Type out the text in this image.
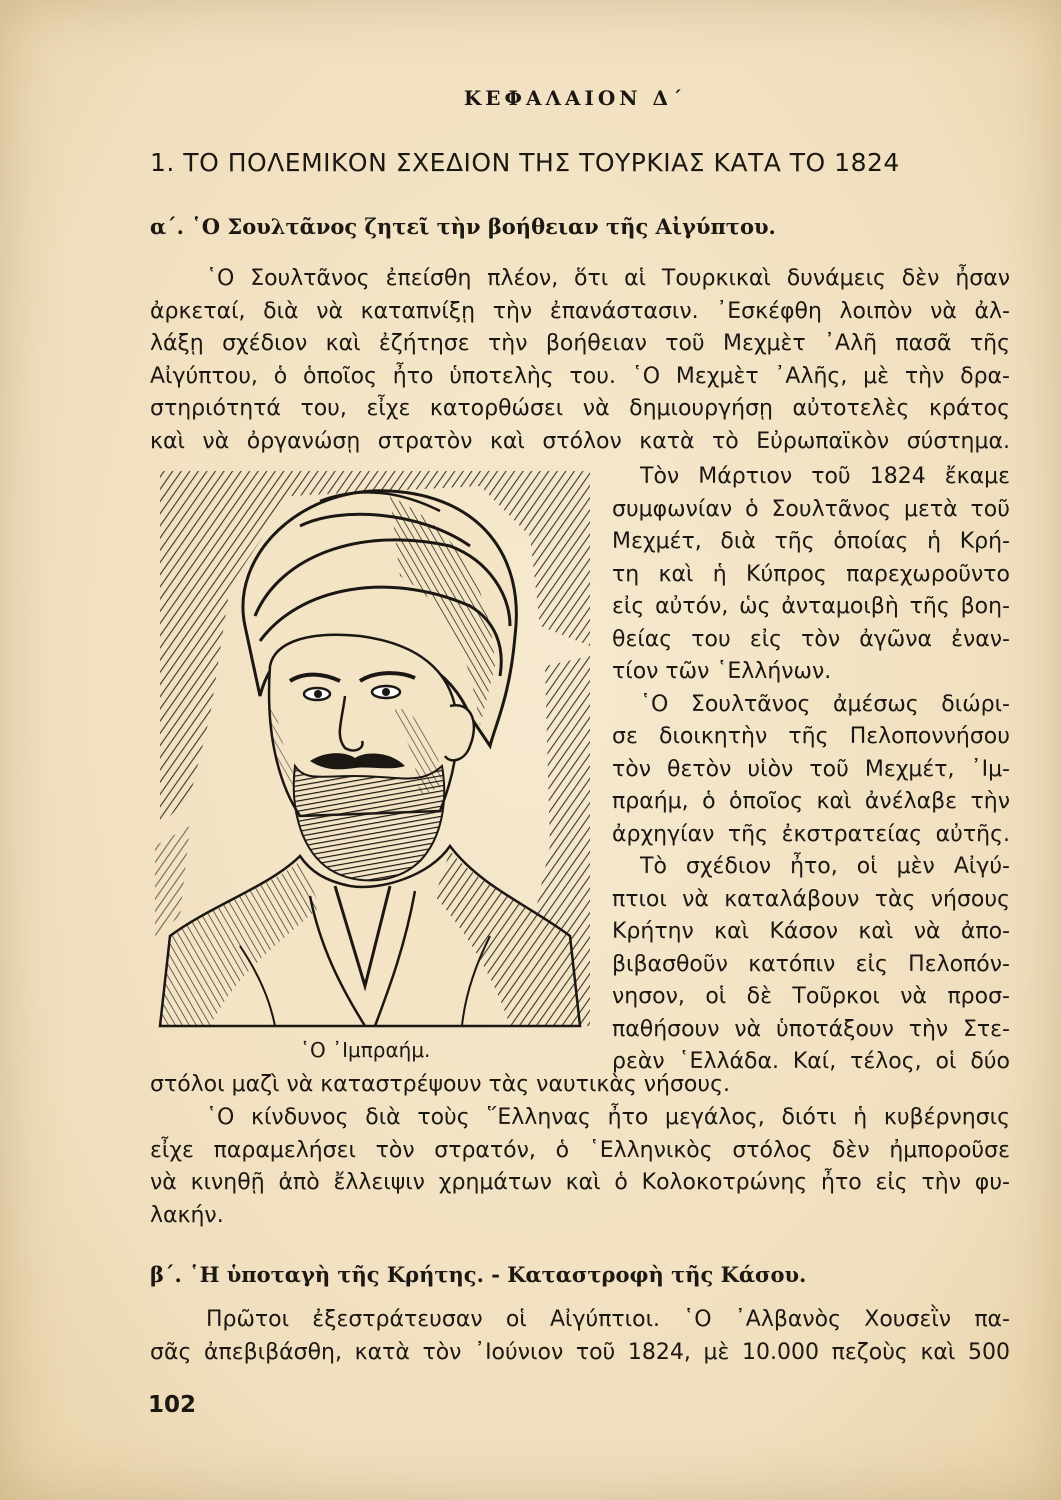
ΚΕΦΑΛΑΙΟΝ Δ΄
1. ΤΟ ΠΟΛΕΜΙΚΟΝ ΣΧΕΔΙΟΝ ΤΗΣ ΤΟΥΡΚΙΑΣ ΚΑΤΑ ΤΟ 1824
α΄. ῾Ο Σουλτᾶνος ζητεῖ τὴν βοήθειαν τῆς Αἰγύπτου.
῾Ο Σουλτᾶνος ἐπείσθη πλέον, ὅτι αἱ Τουρκικαὶ δυνάμεις δὲν ἦσαν
ἀρκεταί, διὰ νὰ καταπνίξῃ τὴν ἐπανάστασιν. ᾿Εσκέφθη λοιπὸν νὰ ἀλ-
λάξῃ σχέδιον καὶ ἐζήτησε τὴν βοήθειαν τοῦ Μεχμὲτ ᾿Αλῆ πασᾶ τῆς
Αἰγύπτου, ὁ ὁποῖος ἦτο ὑποτελὴς του. ῾Ο Μεχμὲτ ᾿Αλῆς, μὲ τὴν δρα-
στηριότητά του, εἶχε κατορθώσει νὰ δημιουργήσῃ αὐτοτελὲς κράτος
καὶ νὰ ὀργανώσῃ στρατὸν καὶ στόλον κατὰ τὸ Εὐρωπαϊκὸν σύστημα.
῾Ο ᾿Ιμπραήμ.
Τὸν Μάρτιον τοῦ 1824 ἔκαμε
συμφωνίαν ὁ Σουλτᾶνος μετὰ τοῦ
Μεχμέτ, διὰ τῆς ὁποίας ἡ Κρή-
τη καὶ ἡ Κύπρος παρεχωροῦντο
εἰς αὐτόν, ὡς ἀνταμοιβὴ τῆς βοη-
θείας του εἰς τὸν ἀγῶνα ἐναν-
τίον τῶν ῾Ελλήνων.
῾Ο Σουλτᾶνος ἀμέσως διώρι-
σε διοικητὴν τῆς Πελοποννήσου
τὸν θετὸν υἱὸν τοῦ Μεχμέτ, ᾿Ιμ-
πραήμ, ὁ ὁποῖος καὶ ἀνέλαβε τὴν
ἀρχηγίαν τῆς ἐκστρατείας αὐτῆς.
Τὸ σχέδιον ἦτο, οἱ μὲν Αἰγύ-
πτιοι νὰ καταλάβουν τὰς νήσους
Κρήτην καὶ Κάσον καὶ νὰ ἀπο-
βιβασθοῦν κατόπιν εἰς Πελοπόν-
νησον, οἱ δὲ Τοῦρκοι νὰ προσ-
παθήσουν νὰ ὑποτάξουν τὴν Στε-
ρεὰν ῾Ελλάδα. Καί, τέλος, οἱ δύο
στόλοι μαζὶ νὰ καταστρέψουν τὰς ναυτικὰς νήσους.
῾Ο κίνδυνος διὰ τοὺς ῞Ελληνας ἦτο μεγάλος, διότι ἡ κυβέρνησις
εἶχε παραμελήσει τὸν στρατόν, ὁ ῾Ελληνικὸς στόλος δὲν ἠμποροῦσε
νὰ κινηθῇ ἀπὸ ἔλλειψιν χρημάτων καὶ ὁ Κολοκοτρώνης ἦτο εἰς τὴν φυ-
λακήν.
β΄. ῾Η ὑποταγὴ τῆς Κρήτης. - Καταστροφὴ τῆς Κάσου.
Πρῶτοι ἐξεστράτευσαν οἱ Αἰγύπτιοι. ῾Ο ᾿Αλβανὸς Χουσεῒν πα-
σᾶς ἀπεβιβάσθη, κατὰ τὸν ᾿Ιούνιον τοῦ 1824, μὲ 10.000 πεζοὺς καὶ 500
102
